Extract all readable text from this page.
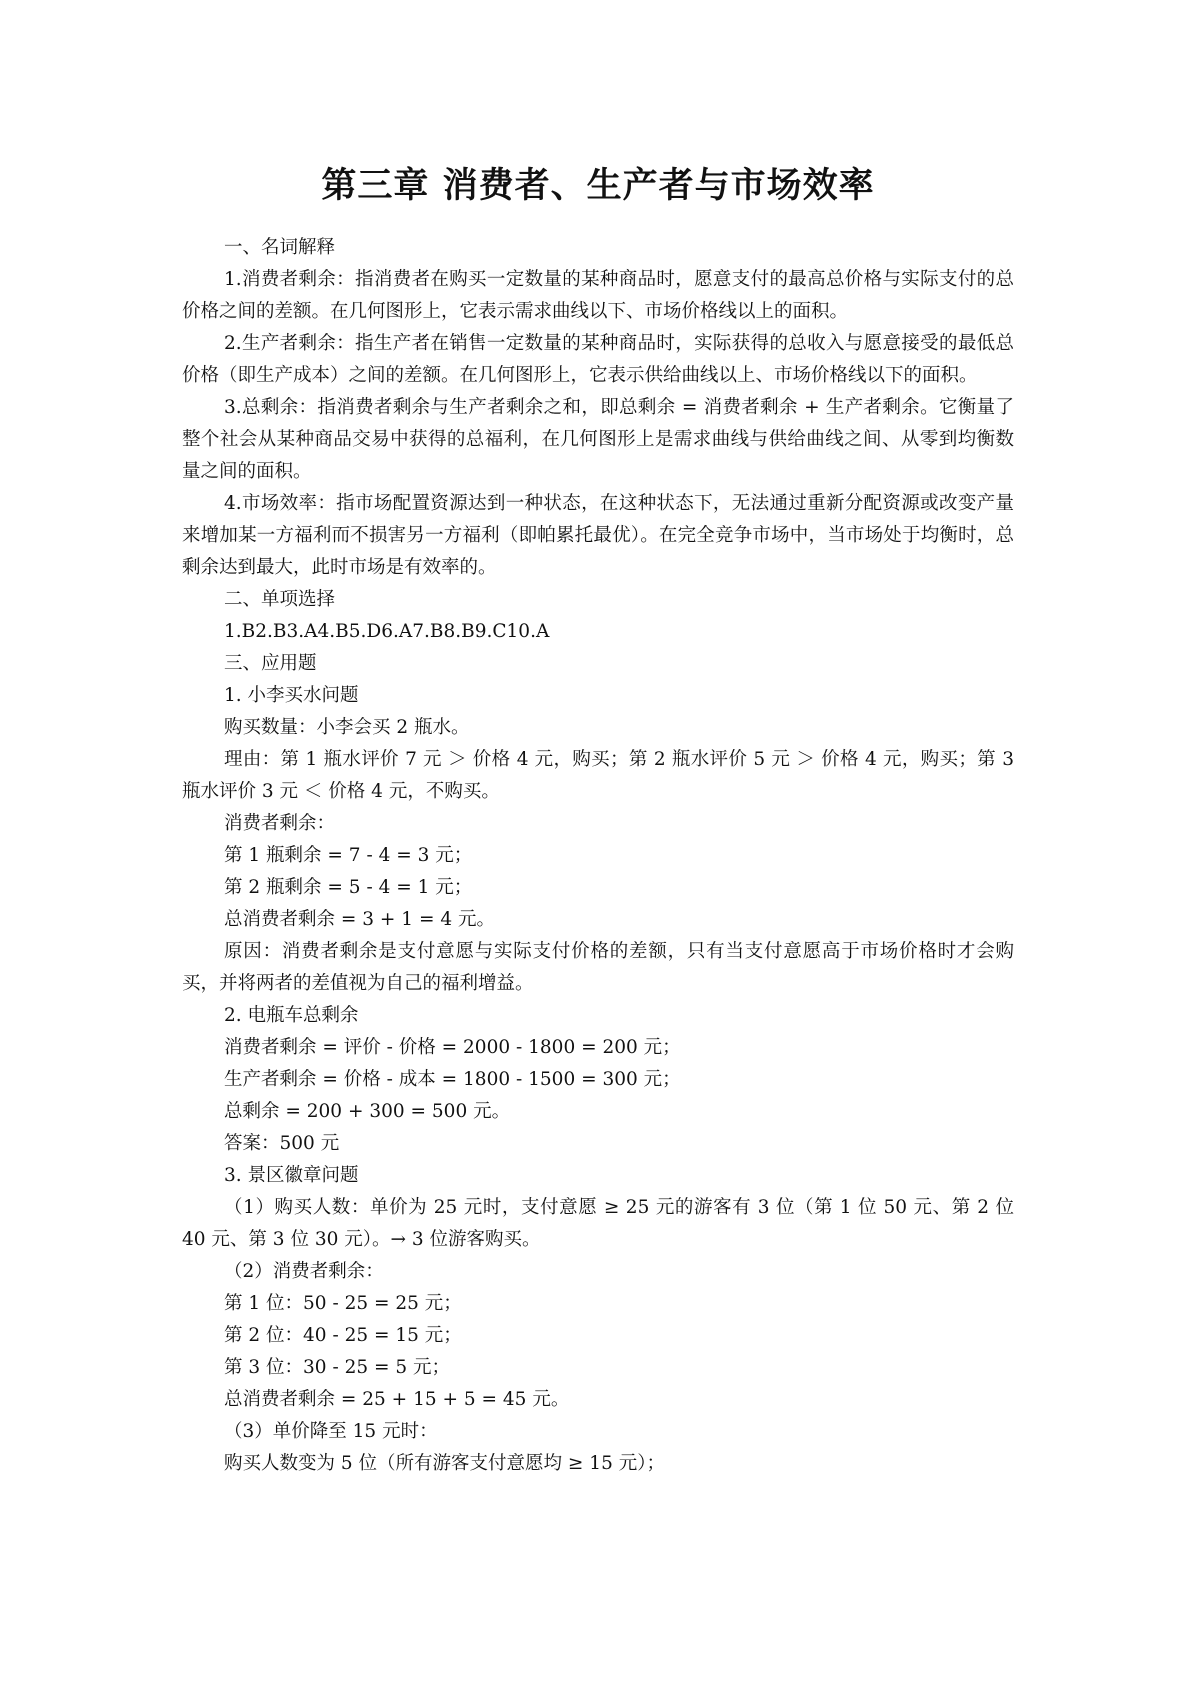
第三章 消费者、生产者与市场效率

一、名词解释

1.消费者剩余：指消费者在购买一定数量的某种商品时，愿意支付的最高总价格与实际支付的总价格之间的差额。在几何图形上，它表示需求曲线以下、市场价格线以上的面积。

2.生产者剩余：指生产者在销售一定数量的某种商品时，实际获得的总收入与愿意接受的最低总价格（即生产成本）之间的差额。在几何图形上，它表示供给曲线以上、市场价格线以下的面积。

3.总剩余：指消费者剩余与生产者剩余之和，即总剩余 = 消费者剩余 + 生产者剩余。它衡量了整个社会从某种商品交易中获得的总福利，在几何图形上是需求曲线与供给曲线之间、从零到均衡数量之间的面积。

4.市场效率：指市场配置资源达到一种状态，在这种状态下，无法通过重新分配资源或改变产量来增加某一方福利而不损害另一方福利（即帕累托最优）。在完全竞争市场中，当市场处于均衡时，总剩余达到最大，此时市场是有效率的。

二、单项选择

1.B2.B3.A4.B5.D6.A7.B8.B9.C10.A

三、应用题

1. 小李买水问题

购买数量：小李会买 2 瓶水。

理由：第 1 瓶水评价 7 元 ＞ 价格 4 元，购买；第 2 瓶水评价 5 元 ＞ 价格 4 元，购买；第 3 瓶水评价 3 元 ＜ 价格 4 元，不购买。

消费者剩余：

第 1 瓶剩余 = 7 - 4 = 3 元；

第 2 瓶剩余 = 5 - 4 = 1 元；

总消费者剩余 = 3 + 1 = 4 元。

原因：消费者剩余是支付意愿与实际支付价格的差额，只有当支付意愿高于市场价格时才会购买，并将两者的差值视为自己的福利增益。

2. 电瓶车总剩余

消费者剩余 = 评价 - 价格 = 2000 - 1800 = 200 元；

生产者剩余 = 价格 - 成本 = 1800 - 1500 = 300 元；

总剩余 = 200 + 300 = 500 元。

答案：500 元

3. 景区徽章问题

（1）购买人数：单价为 25 元时，支付意愿 ≥ 25 元的游客有 3 位（第 1 位 50 元、第 2 位 40 元、第 3 位 30 元）。→ 3 位游客购买。

（2）消费者剩余：

第 1 位：50 - 25 = 25 元；

第 2 位：40 - 25 = 15 元；

第 3 位：30 - 25 = 5 元；

总消费者剩余 = 25 + 15 + 5 = 45 元。

（3）单价降至 15 元时：

购买人数变为 5 位（所有游客支付意愿均 ≥ 15 元）；
